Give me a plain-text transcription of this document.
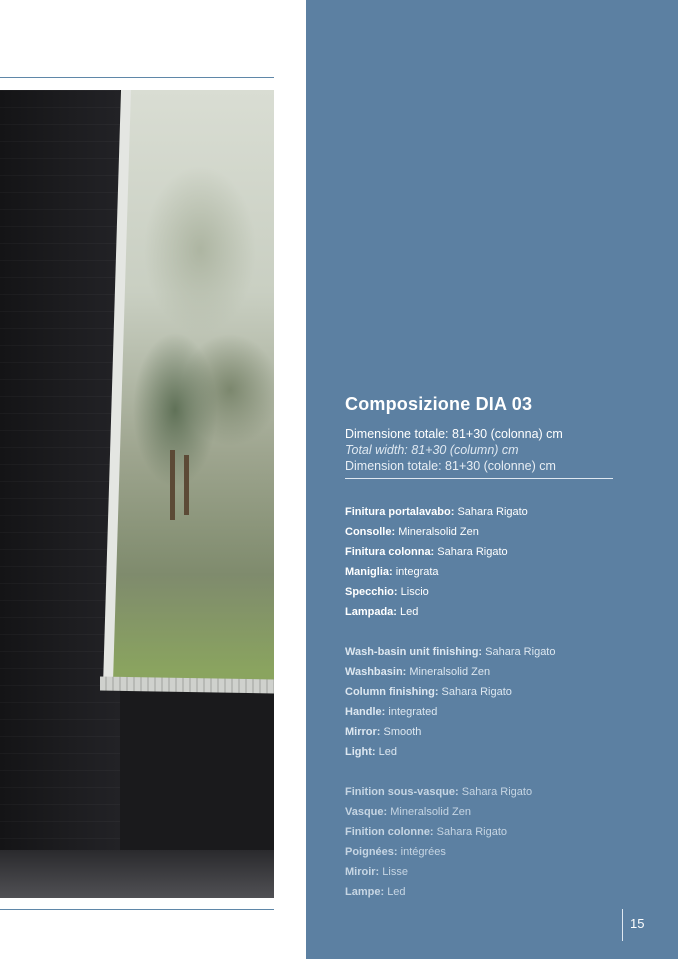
Composizione DIA 03
Dimensione totale: 81+30 (colonna) cm
Total width: 81+30 (column) cm
Dimension totale: 81+30 (colonne) cm
Finitura portalavabo: Sahara Rigato
Consolle: Mineralsolid Zen
Finitura colonna: Sahara Rigato
Maniglia: integrata
Specchio: Liscio
Lampada: Led
Wash-basin unit finishing: Sahara Rigato
Washbasin: Mineralsolid Zen
Column finishing: Sahara Rigato
Handle: integrated
Mirror: Smooth
Light: Led
Finition sous-vasque: Sahara Rigato
Vasque: Mineralsolid Zen
Finition colonne: Sahara Rigato
Poignées: intégrées
Miroir: Lisse
Lampe: Led
15
